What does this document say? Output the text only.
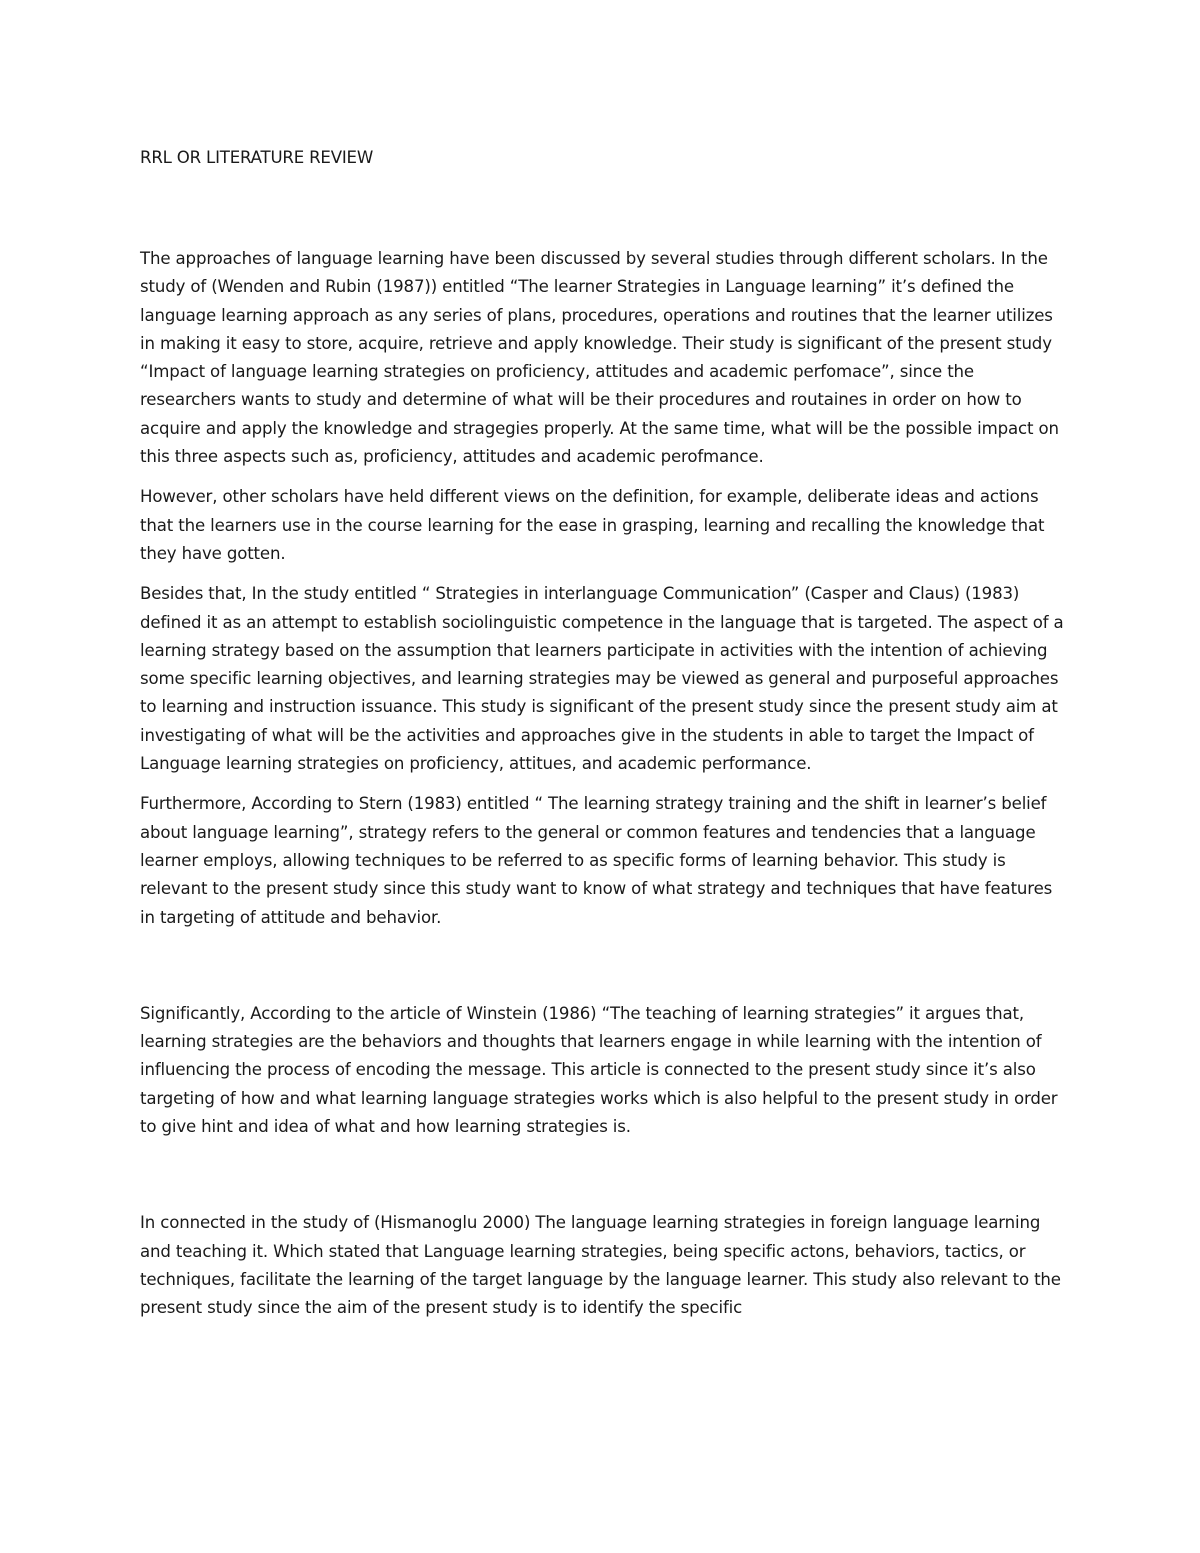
RRL OR LITERATURE REVIEW

The approaches of language learning have been discussed by several studies through different scholars. In the study of (Wenden and Rubin (1987)) entitled “The learner Strategies in Language learning” it’s defined the language learning approach as any series of plans, procedures, operations and routines that the learner utilizes in making it easy to store, acquire, retrieve and apply knowledge. Their study is significant of the present study “Impact of language learning strategies on proficiency, attitudes and academic perfomace”, since the researchers wants to study and determine of what will be their procedures and routaines in order on how to acquire and apply the knowledge and stragegies properly. At the same time, what will be the possible impact on this three aspects such as, proficiency, attitudes and academic perofmance.

However, other scholars have held different views on the definition, for example, deliberate ideas and actions that the learners use in the course learning for the ease in grasping, learning and recalling the knowledge that they have gotten.

Besides that, In the study entitled “ Strategies in interlanguage Communication” (Casper and Claus) (1983) defined it as an attempt to establish sociolinguistic competence in the language that is targeted. The aspect of a learning strategy based on the assumption that learners participate in activities with the intention of achieving some specific learning objectives, and learning strategies may be viewed as general and purposeful approaches to learning and instruction issuance. This study is significant of the present study since the present study aim at investigating of what will be the activities and approaches give in the students in able to target the Impact of Language learning strategies on proficiency, attitues, and academic performance.

Furthermore, According to Stern (1983) entitled “ The learning strategy training and the shift in learner’s belief about language learning”, strategy refers to the general or common features and tendencies that a language learner employs, allowing techniques to be referred to as specific forms of learning behavior. This study is relevant to the present study since this study want to know of what strategy and techniques that have features in targeting of attitude and behavior.

Significantly, According to the article of Winstein (1986) “The teaching of learning strategies” it argues that, learning strategies are the behaviors and thoughts that learners engage in while learning with the intention of influencing the process of encoding the message. This article is connected to the present study since it’s also targeting of how and what learning language strategies works which is also helpful to the present study in order to give hint and idea of what and how learning strategies is.

In connected in the study of (Hismanoglu 2000) The language learning strategies in foreign language learning and teaching it. Which stated that Language learning strategies, being specific actons, behaviors, tactics, or techniques, facilitate the learning of the target language by the language learner. This study also relevant to the present study since the aim of the present study is to identify the specific
